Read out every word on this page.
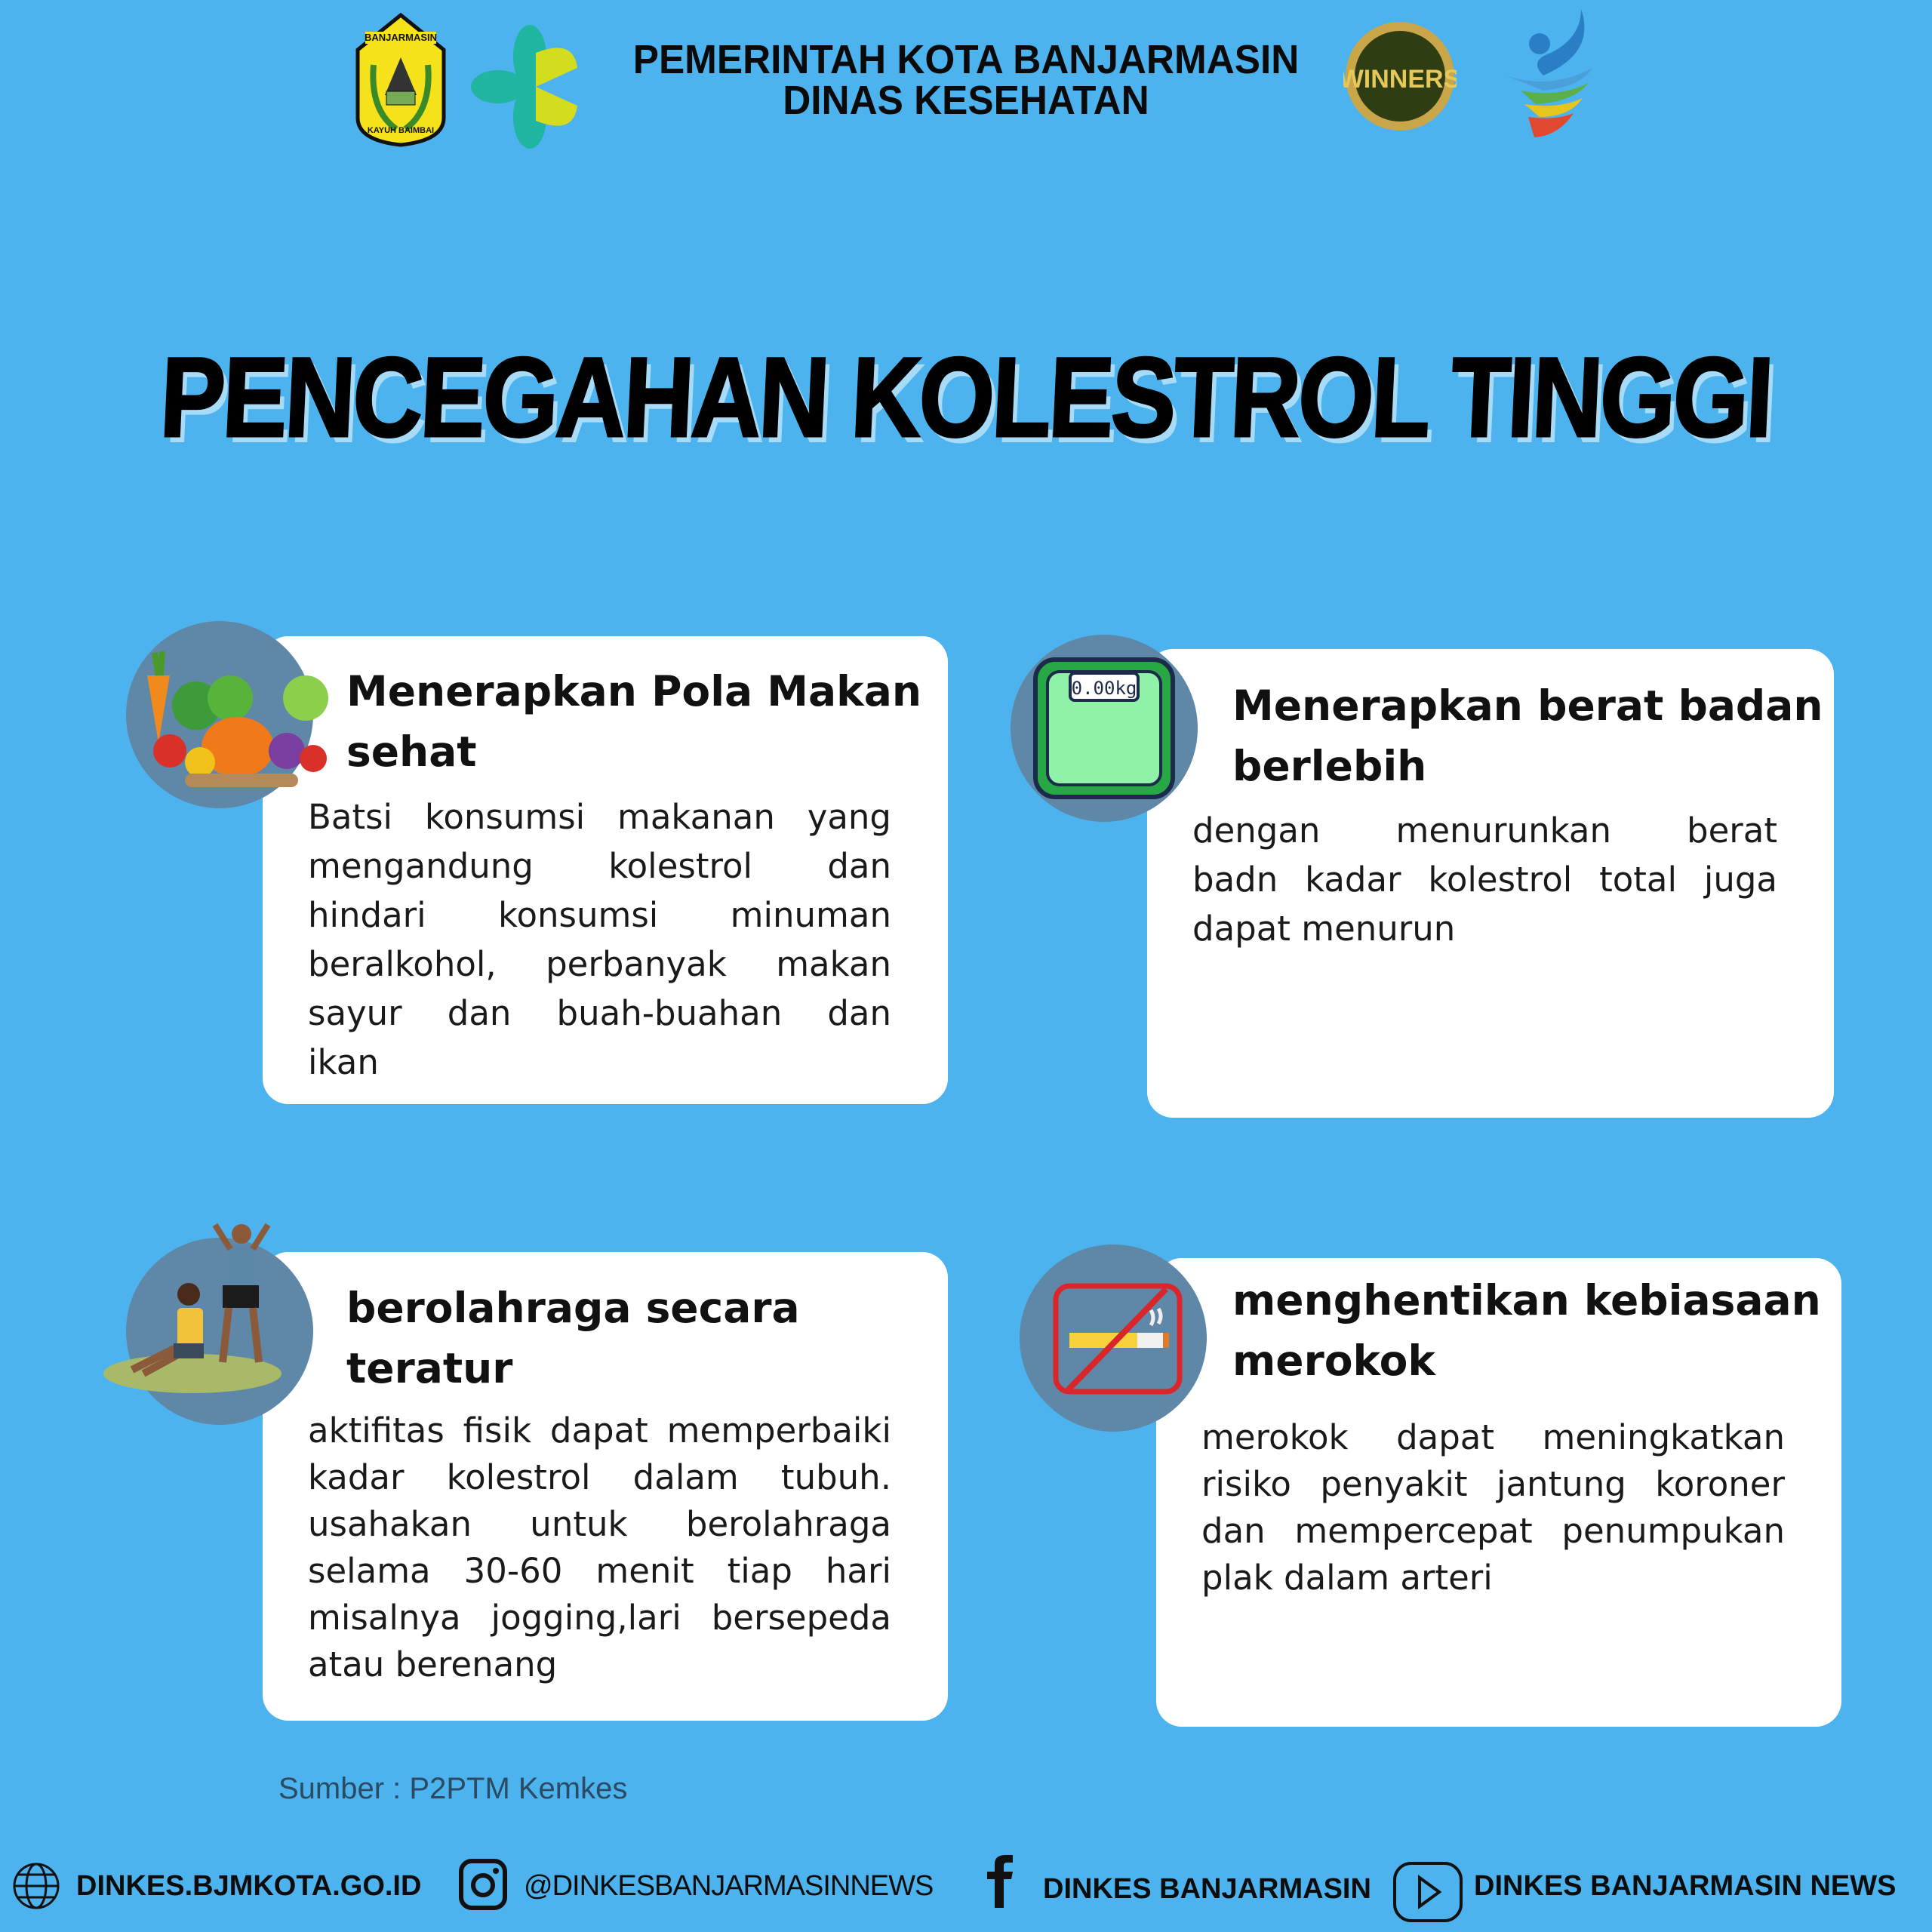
BANJARMASIN
KAYUH BAIMBAI
PEMERINTAH KOTA BANJARMASIN
DINAS KESEHATAN	WINNERS
PENCEGAHAN KOLESTROL TINGGI
Menerapkan Pola Makan
sehat
Batsi konsumsi makanan yang
mengandung kolestrol dan
hindari konsumsi minuman
beralkohol, perbanyak makan
sayur dan buah-buahan dan
ikan
0.00kg Menerapkan berat badan
berlebih
dengan menurunkan berat
badn kadar kolestrol total juga
dapat menurun
berolahraga secara
teratur
aktifitas fisik dapat memperbaiki
kadar kolestrol dalam tubuh.
usahakan untuk berolahraga
selama 30-60 menit tiap hari
misalnya jogging,lari bersepeda
atau berenang
menghentikan kebiasaan
merokok
merokok dapat meningkatkan
risiko penyakit jantung koroner
dan mempercepat penumpukan
plak dalam arteri
Sumber : P2PTM Kemkes
DINKES.BJMKOTA.GO.ID	@DINKESBANJARMASINNEWS	DINKES BANJARMASIN	DINKES BANJARMASIN NEWS
